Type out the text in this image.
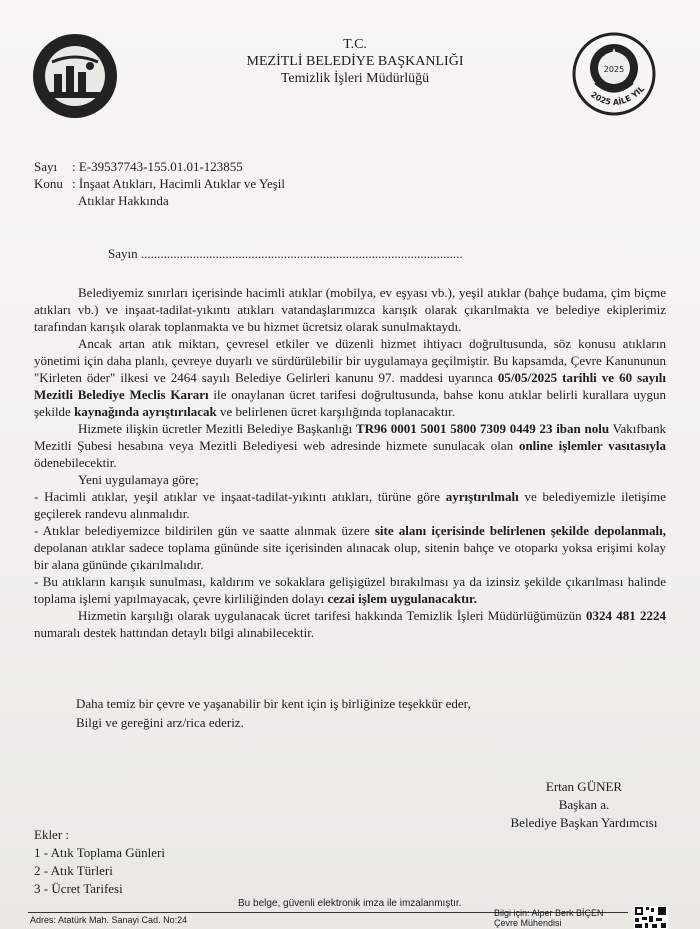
2025
2025 AİLE YIL
T.C.
MEZİTLİ BELEDİYE BAŞKANLIĞI
Temizlik İşleri Müdürlüğü
Sayı	: E-39537743-155.01.01-123855
Konu : İnşaat Atıkları, Hacimli Atıklar ve Yeşil
Atıklar Hakkında
Sayın ...................................................................................................

Belediyemiz sınırları içerisinde hacimli atıklar (mobilya, ev eşyası vb.), yeşil atıklar (bahçe budama, çim biçme atıkları vb.) ve inşaat-tadilat-yıkıntı atıkları vatandaşlarımızca karışık olarak çıkarılmakta ve belediye ekiplerimiz tarafından karışık olarak toplanmakta ve bu hizmet ücretsiz olarak sunulmaktaydı.

Ancak artan atık miktarı, çevresel etkiler ve düzenli hizmet ihtiyacı doğrultusunda, söz konusu atıkların yönetimi için daha planlı, çevreye duyarlı ve sürdürülebilir bir uygulamaya geçilmiştir. Bu kapsamda, Çevre Kanununun "Kirleten öder" ilkesi ve 2464 sayılı Belediye Gelirleri kanunu 97. maddesi uyarınca 05/05/2025 tarihli ve 60 sayılı Mezitli Belediye Meclis Kararı ile onaylanan ücret tarifesi doğrultusunda, bahse konu atıklar belirli kurallara uygun şekilde kaynağında ayrıştırılacak ve belirlenen ücret karşılığında toplanacaktır.

Hizmete ilişkin ücretler Mezitli Belediye Başkanlığı TR96 0001 5001 5800 7309 0449 23 iban nolu Vakıfbank Mezitli Şubesi hesabına veya Mezitli Belediyesi web adresinde hizmete sunulacak olan online işlemler vasıtasıyla ödenebilecektir.

Yeni uygulamaya göre;

- Hacimli atıklar, yeşil atıklar ve inşaat-tadilat-yıkıntı atıkları, türüne göre ayrıştırılmalı ve belediyemizle iletişime geçilerek randevu alınmalıdır.

- Atıklar belediyemizce bildirilen gün ve saatte alınmak üzere site alanı içerisinde belirlenen şekilde depolanmalı, depolanan atıklar sadece toplama gününde site içerisinden alınacak olup, sitenin bahçe ve otoparkı yoksa erişimi kolay bir alana gününde çıkarılmalıdır.

- Bu atıkların karışık sunulması, kaldırım ve sokaklara gelişigüzel bırakılması ya da izinsiz şekilde çıkarılması halinde toplama işlemi yapılmayacak, çevre kirliliğinden dolayı cezai işlem uygulanacaktır.

Hizmetin karşılığı olarak uygulanacak ücret tarifesi hakkında Temizlik İşleri Müdürlüğümüzün 0324 481 2224 numaralı destek hattından detaylı bilgi alınabilecektir.

Daha temiz bir çevre ve yaşanabilir bir kent için iş birliğinize teşekkür eder,
Bilgi ve gereğini arz/rica ederiz.
Ertan GÜNER
Başkan a.
Belediye Başkan Yardımcısı
Ekler :
1 - Atık Toplama Günleri
2 - Atık Türleri
3 - Ücret Tarifesi
Bu belge, güvenli elektronik imza ile imzalanmıştır.
Adres: Atatürk Mah. Sanayi Cad. No:24
Bilgi için: Alper Berk BİÇEN
Çevre Mühendisi
